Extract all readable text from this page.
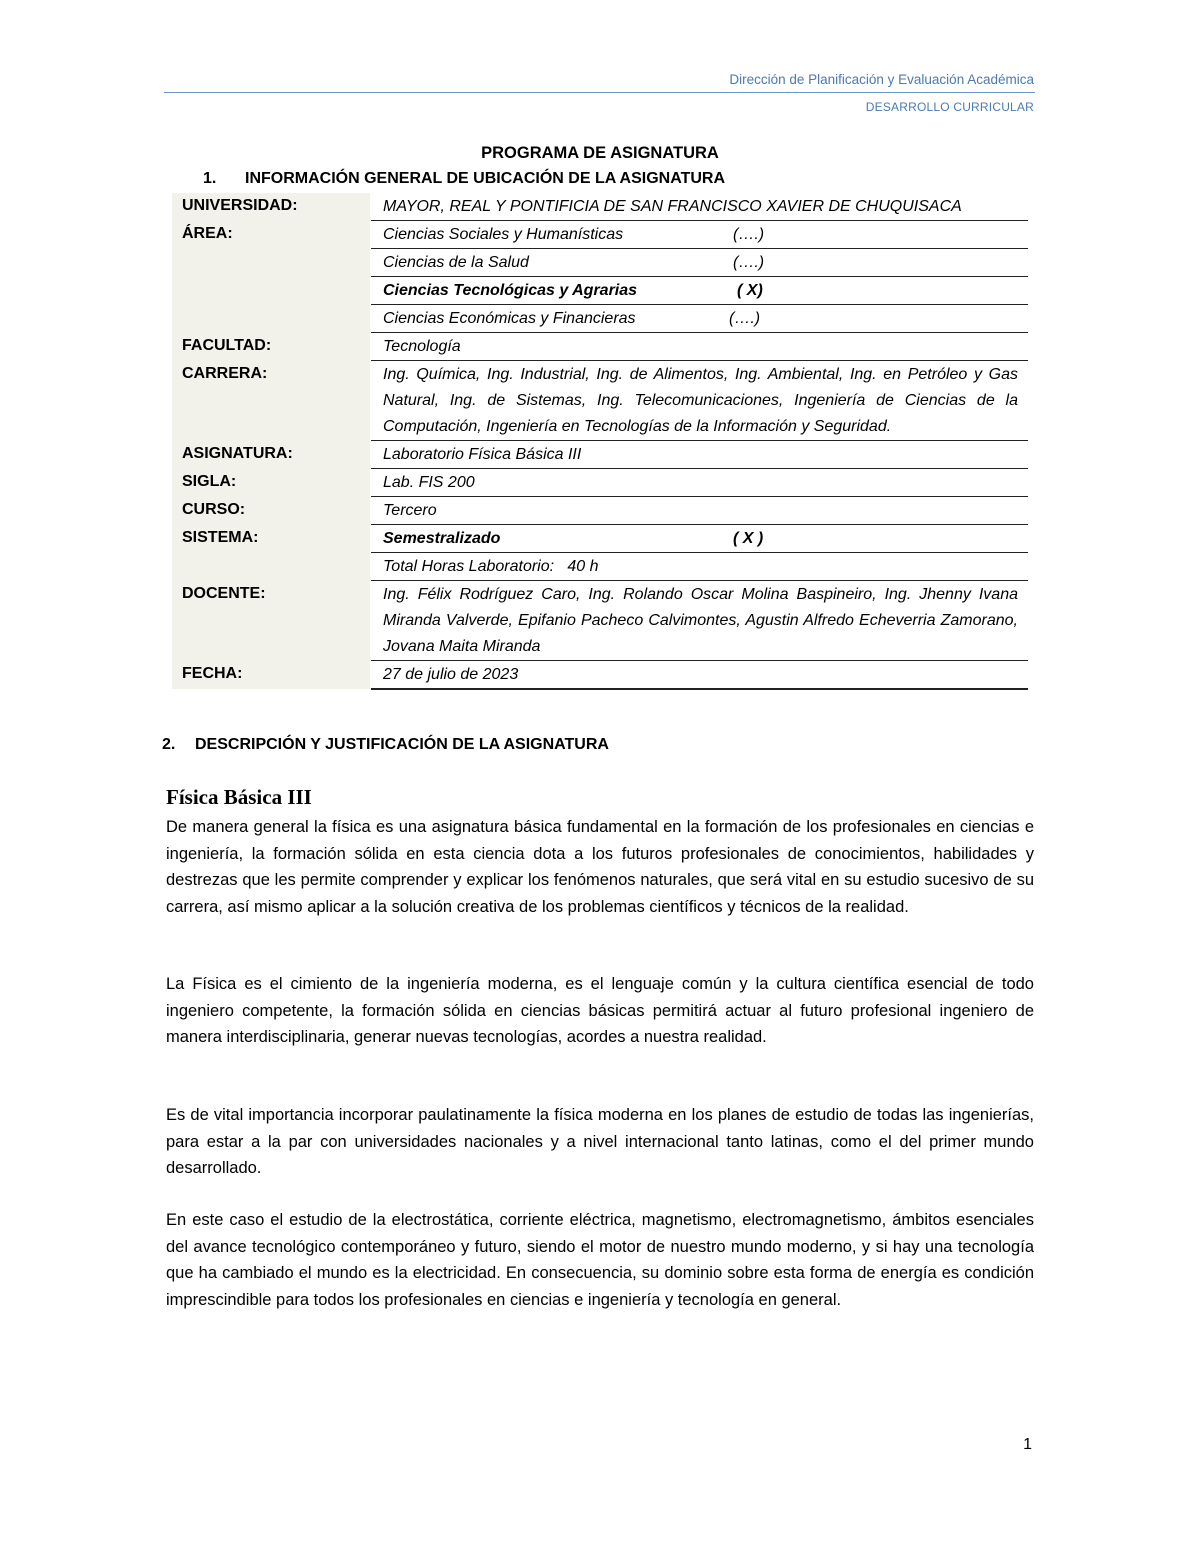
Dirección de Planificación y Evaluación Académica
DESARROLLO CURRICULAR
PROGRAMA DE ASIGNATURA
1. INFORMACIÓN GENERAL DE UBICACIÓN DE LA ASIGNATURA
UNIVERSIDAD:		MAYOR, REAL Y PONTIFICIA DE SAN FRANCISCO XAVIER DE CHUQUISACA
ÁREA:		Ciencias Sociales y Humanísticas (….)

		Ciencias de la Salud (….)

		Ciencias Tecnológicas y Agrarias ( X)

		Ciencias Económicas y Financieras (….)

FACULTAD:		Tecnología
CARRERA:		Ing. Química, Ing. Industrial, Ing. de Alimentos, Ing. Ambiental, Ing. en Petróleo y Gas Natural, Ing. de Sistemas, Ing. Telecomunicaciones, Ingeniería de Ciencias de la Computación, Ingeniería en Tecnologías de la Información y Seguridad.
ASIGNATURA:		Laboratorio Física Básica III
SIGLA:		Lab. FIS 200
CURSO:		Tercero
SISTEMA:		Semestralizado ( X )

		Total Horas Laboratorio:   40 h
DOCENTE:		Ing. Félix Rodríguez Caro, Ing. Rolando Oscar Molina Baspineiro, Ing. Jhenny Ivana Miranda Valverde, Epifanio Pacheco Calvimontes, Agustin Alfredo Echeverria Zamorano, Jovana Maita Miranda
FECHA:		27 de julio de 2023
2. DESCRIPCIÓN Y JUSTIFICACIÓN DE LA ASIGNATURA
Física Básica III

De manera general la física es una asignatura básica fundamental en la formación de los profesionales en ciencias e ingeniería, la formación sólida en esta ciencia dota a los futuros profesionales de conocimientos, habilidades y destrezas que les permite comprender y explicar los fenómenos naturales, que será vital en su estudio sucesivo de su carrera, así mismo aplicar a la solución creativa de los problemas científicos y técnicos de la realidad.

La Física es el cimiento de la ingeniería moderna, es el lenguaje común y la cultura científica esencial de todo ingeniero competente, la formación sólida en ciencias básicas permitirá actuar al futuro profesional ingeniero de manera interdisciplinaria, generar nuevas tecnologías, acordes a nuestra realidad.

Es de vital importancia incorporar paulatinamente la física moderna en los planes de estudio de todas las ingenierías, para estar a la par con universidades nacionales y a nivel internacional tanto latinas, como el del primer mundo desarrollado.

En este caso el estudio de la electrostática, corriente eléctrica, magnetismo, electromagnetismo, ámbitos esenciales del avance tecnológico contemporáneo y futuro, siendo el motor de nuestro mundo moderno, y si hay una tecnología que ha cambiado el mundo es la electricidad. En consecuencia, su dominio sobre esta forma de energía es condición imprescindible para todos los profesionales en ciencias e ingeniería y tecnología en general.

1
